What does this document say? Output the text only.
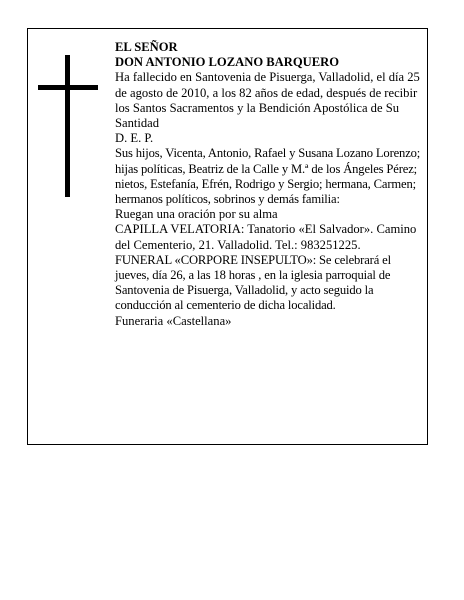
EL SEÑOR

DON ANTONIO LOZANO BARQUERO

Ha fallecido en Santovenia de Pisuerga, Valladolid, el día 25 de agosto de 2010, a los 82 años de edad, después de recibir los Santos Sacramentos y la Bendición Apostólica de Su Santidad

D. E. P.

Sus hijos, Vicenta, Antonio, Rafael y Susana Lozano Lorenzo; hijas políticas, Beatriz de la Calle y M.ª de los Ángeles Pérez; nietos, Estefanía, Efrén, Rodrigo y Sergio; hermana, Carmen; hermanos políticos, sobrinos y demás familia:

Ruegan una oración por su alma

CAPILLA VELATORIA: Tanatorio «El Salvador». Camino del Cementerio, 21. Valladolid. Tel.: 983251225.

FUNERAL «CORPORE INSEPULTO»: Se celebrará el jueves, día 26, a las 18 horas , en la iglesia parroquial de Santovenia de Pisuerga, Valladolid, y acto seguido la conducción al cementerio de dicha localidad.

Funeraria «Castellana»
